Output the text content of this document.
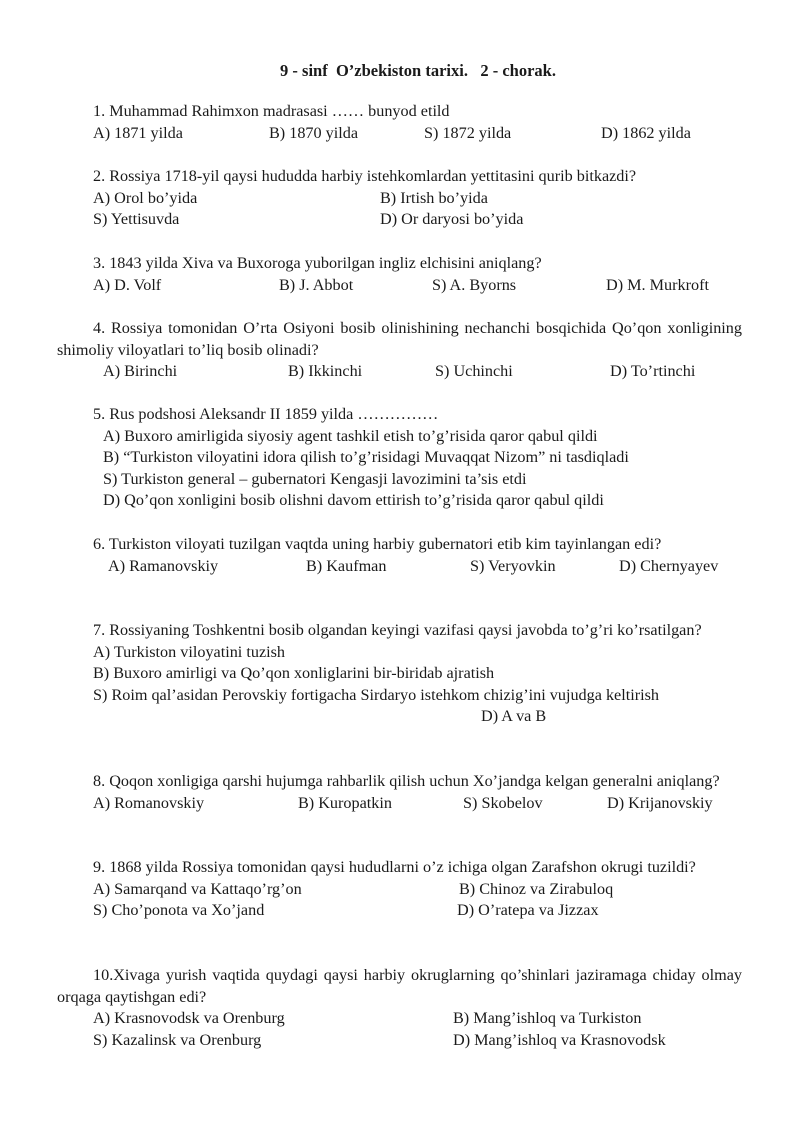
9 - sinf  O’zbekiston tarixi.   2 - chorak.
1. Muhammad Rahimxon madrasasi …… bunyod etild
A) 1871 yilda	B) 1870 yilda	S) 1872 yilda	D) 1862 yilda
2. Rossiya 1718-yil qaysi hududda harbiy istehkomlardan yettitasini qurib bitkazdi?
A) Orol bo’yida	B) Irtish bo’yida
S) Yettisuvda	D) Or daryosi bo’yida
3. 1843 yilda Xiva va Buxoroga yuborilgan ingliz elchisini aniqlang?
A) D. Volf	B) J. Abbot	S) A. Byorns	D) M. Murkroft
4. Rossiya tomonidan O’rta Osiyoni bosib olinishining nechanchi bosqichida Qo’qon xonligining shimoliy viloyatlari to’liq bosib olinadi?
A) Birinchi	B) Ikkinchi	S) Uchinchi	D) To’rtinchi
5. Rus podshosi Aleksandr II 1859 yilda ……………
A) Buxoro amirligida siyosiy agent tashkil etish to’g’risida qaror qabul qildi
B) “Turkiston viloyatini idora qilish to’g’risidagi Muvaqqat Nizom” ni tasdiqladi
S) Turkiston general – gubernatori Kengasji lavozimini ta’sis etdi
D) Qo’qon xonligini bosib olishni davom ettirish to’g’risida qaror qabul qildi
6. Turkiston viloyati tuzilgan vaqtda uning harbiy gubernatori etib kim tayinlangan edi?
A) Ramanovskiy	B) Kaufman	S) Veryovkin	D) Chernyayev
7. Rossiyaning Toshkentni bosib olgandan keyingi vazifasi qaysi javobda to’g’ri ko’rsatilgan?
A) Turkiston viloyatini tuzish
B) Buxoro amirligi va Qo’qon xonliglarini bir-biridab ajratish
S) Roim qal’asidan Perovskiy fortigacha Sirdaryo istehkom chizig’ini vujudga keltirish
D) A va B
8. Qoqon xonligiga qarshi hujumga rahbarlik qilish uchun Xo’jandga kelgan generalni aniqlang?
A) Romanovskiy	B) Kuropatkin	S) Skobelov	D) Krijanovskiy
9. 1868 yilda Rossiya tomonidan qaysi hududlarni o’z ichiga olgan Zarafshon okrugi tuzildi?
A) Samarqand va Kattaqo’rg’on	B) Chinoz va Zirabuloq
S) Cho’ponota va Xo’jand	D) O’ratepa va Jizzax
10.Xivaga yurish vaqtida quydagi qaysi harbiy okruglarning qo’shinlari jaziramaga chiday olmay orqaga qaytishgan edi?
A) Krasnovodsk va Orenburg	B) Mang’ishloq va Turkiston
S) Kazalinsk va Orenburg	D) Mang’ishloq va Krasnovodsk
